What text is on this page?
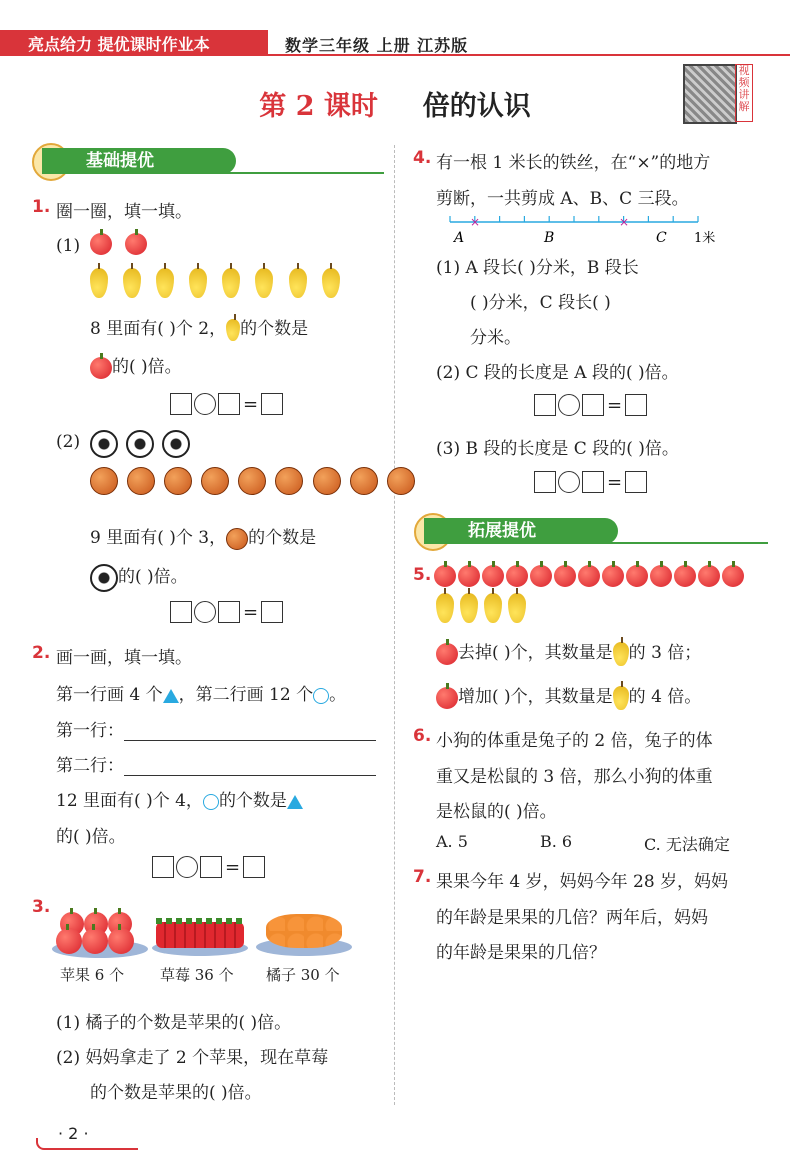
亮点给力 提优课时作业本	数学三年级 上册 江苏版
第 2 课时 倍的认识
视频讲解
基础提优
1. 圈一圈，填一填。
(1)

8 里面有( )个 2， 的个数是
的( )倍。
=
(2)

9 里面有( )个 3， 的个数是
的( )倍。
=
2. 画一画，填一填。
第一行画 4 个 ，第二行画 12 个 。
第一行：
第二行：
12 里面有( )个 4， 的个数是
的( )倍。
=
3.
苹果 6 个 草莓 36 个 橘子 30 个
(1) 橘子的个数是苹果的( )倍。
(2) 妈妈拿走了 2 个苹果，现在草莓
的个数是苹果的( )倍。
4. 有一根 1 米长的铁丝，在“×”的地方
剪断，一共剪成 A、B、C 三段。
×	×
A	B	C 1米
(1) A 段长( )分米，B 段长
( )分米，C 段长( )
分米。
(2) C 段的长度是 A 段的( )倍。
=
(3) B 段的长度是 C 段的( )倍。
=
拓展提优
5.
去掉( )个，其数量是 的 3 倍；
增加( )个，其数量是 的 4 倍。
6. 小狗的体重是兔子的 2 倍，兔子的体
重又是松鼠的 3 倍，那么小狗的体重
是松鼠的( )倍。
A. 5	B. 6	C. 无法确定
7. 果果今年 4 岁，妈妈今年 28 岁，妈妈
的年龄是果果的几倍？两年后，妈妈
的年龄是果果的几倍？
· 2 ·
